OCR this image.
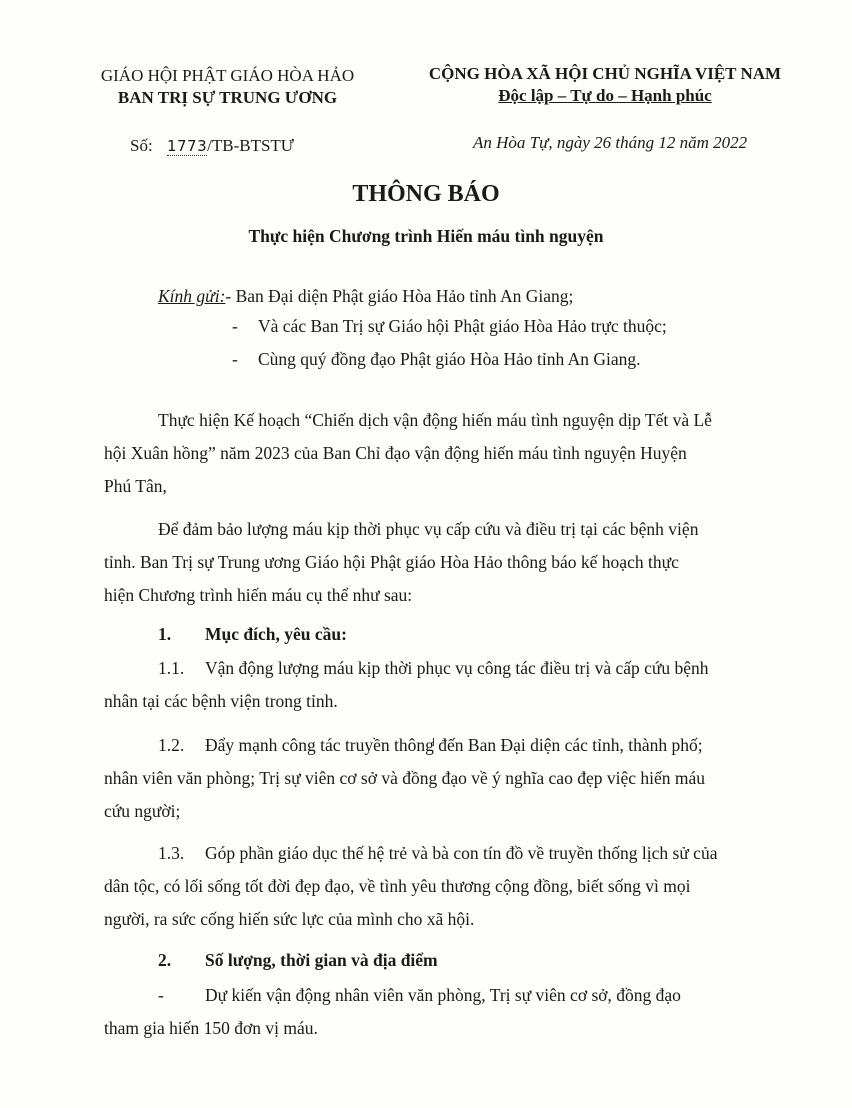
GIÁO HỘI PHẬT GIÁO HÒA HẢO
BAN TRỊ SỰ TRUNG ƯƠNG
Số: 1773/TB-BTSTƯ
CỘNG HÒA XÃ HỘI CHỦ NGHĨA VIỆT NAM
Độc lập – Tự do – Hạnh phúc
An Hòa Tự, ngày 26 tháng 12 năm 2022
THÔNG BÁO
Thực hiện Chương trình Hiến máu tình nguyện
Kính gửi:- Ban Đại diện Phật giáo Hòa Hảo tỉnh An Giang;
- Và các Ban Trị sự Giáo hội Phật giáo Hòa Hảo trực thuộc;
- Cùng quý đồng đạo Phật giáo Hòa Hảo tỉnh An Giang.
Thực hiện Kế hoạch “Chiến dịch vận động hiến máu tình nguyện dịp Tết và Lễ
hội Xuân hồng” năm 2023 của Ban Chỉ đạo vận động hiến máu tình nguyện Huyện
Phú Tân,
Để đảm bảo lượng máu kịp thời phục vụ cấp cứu và điều trị tại các bệnh viện
tỉnh. Ban Trị sự Trung ương Giáo hội Phật giáo Hòa Hảo thông báo kế hoạch thực
hiện Chương trình hiến máu cụ thể như sau:
1. Mục đích, yêu cầu:
1.1. Vận động lượng máu kịp thời phục vụ công tác điều trị và cấp cứu bệnh
nhân tại các bệnh viện trong tỉnh.
1.2. Đẩy mạnh công tác truyền thông đến Ban Đại diện các tỉnh, thành phố;
nhân viên văn phòng; Trị sự viên cơ sở và đồng đạo về ý nghĩa cao đẹp việc hiến máu
cứu người;
1.3. Góp phần giáo dục thế hệ trẻ và bà con tín đồ về truyền thống lịch sử của
dân tộc, có lối sống tốt đời đẹp đạo, về tình yêu thương cộng đồng, biết sống vì mọi
người, ra sức cống hiến sức lực của mình cho xã hội.
2. Số lượng, thời gian và địa điểm
- Dự kiến vận động nhân viên văn phòng, Trị sự viên cơ sở, đồng đạo
tham gia hiến 150 đơn vị máu.
